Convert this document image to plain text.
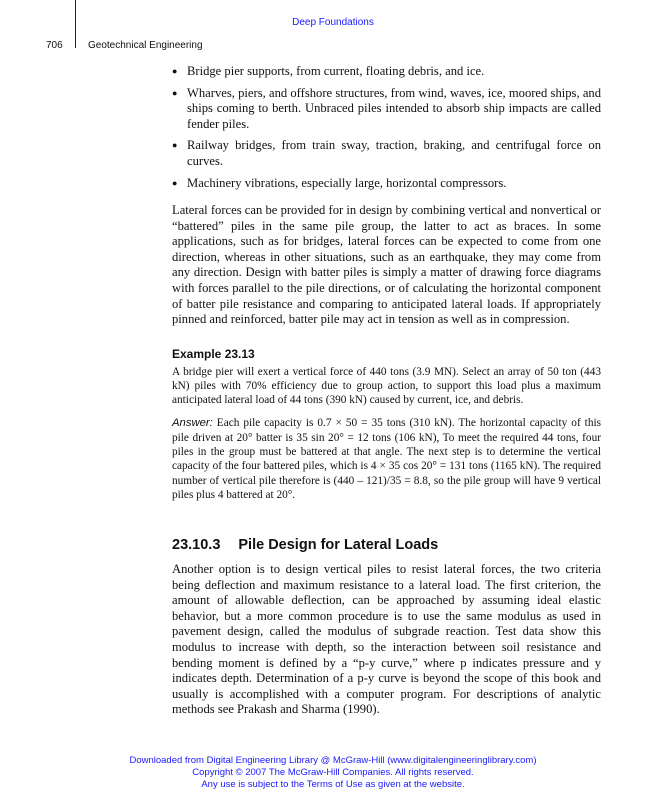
Deep Foundations
706	Geotechnical Engineering
● Bridge pier supports, from current, floating debris, and ice.
● Wharves, piers, and offshore structures, from wind, waves, ice, moored ships, and ships coming to berth. Unbraced piles intended to absorb ship impacts are called fender piles.
● Railway bridges, from train sway, traction, braking, and centrifugal force on curves.
● Machinery vibrations, especially large, horizontal compressors.

Lateral forces can be provided for in design by combining vertical and nonvertical or “battered” piles in the same pile group, the latter to act as braces. In some applications, such as for bridges, lateral forces can be expected to come from one direction, whereas in other situations, such as an earthquake, they may come from any direction. Design with batter piles is simply a matter of drawing force diagrams with forces parallel to the pile directions, or of calculating the horizontal component of batter pile resistance and comparing to anticipated lateral loads. If appropriately pinned and reinforced, batter pile may act in tension as well as in compression.

Example 23.13

A bridge pier will exert a vertical force of 440 tons (3.9 MN). Select an array of 50 ton (443 kN) piles with 70% efficiency due to group action, to support this load plus a maximum anticipated lateral load of 44 tons (390 kN) caused by current, ice, and debris.

Answer: Each pile capacity is 0.7 × 50 = 35 tons (310 kN). The horizontal capacity of this pile driven at 20° batter is 35 sin 20° = 12 tons (106 kN), To meet the required 44 tons, four piles in the group must be battered at that angle. The next step is to determine the vertical capacity of the four battered piles, which is 4 × 35 cos 20° = 131 tons (1165 kN). The required number of vertical pile therefore is (440 – 121)/35 = 8.8, so the pile group will have 9 vertical piles plus 4 battered at 20°.

23.10.3 Pile Design for Lateral Loads

Another option is to design vertical piles to resist lateral forces, the two criteria being deflection and maximum resistance to a lateral load. The first criterion, the amount of allowable deflection, can be approached by assuming ideal elastic behavior, but a more common procedure is to use the same modulus as used in pavement design, called the modulus of subgrade reaction. Test data show this modulus to increase with depth, so the interaction between soil resistance and bending moment is defined by a “p-y curve,” where p indicates pressure and y indicates depth. Determination of a p-y curve is beyond the scope of this book and usually is accomplished with a computer program. For descriptions of analytic methods see Prakash and Sharma (1990).

Downloaded from Digital Engineering Library @ McGraw-Hill (www.digitalengineeringlibrary.com)
Copyright © 2007 The McGraw-Hill Companies. All rights reserved.
Any use is subject to the Terms of Use as given at the website.
